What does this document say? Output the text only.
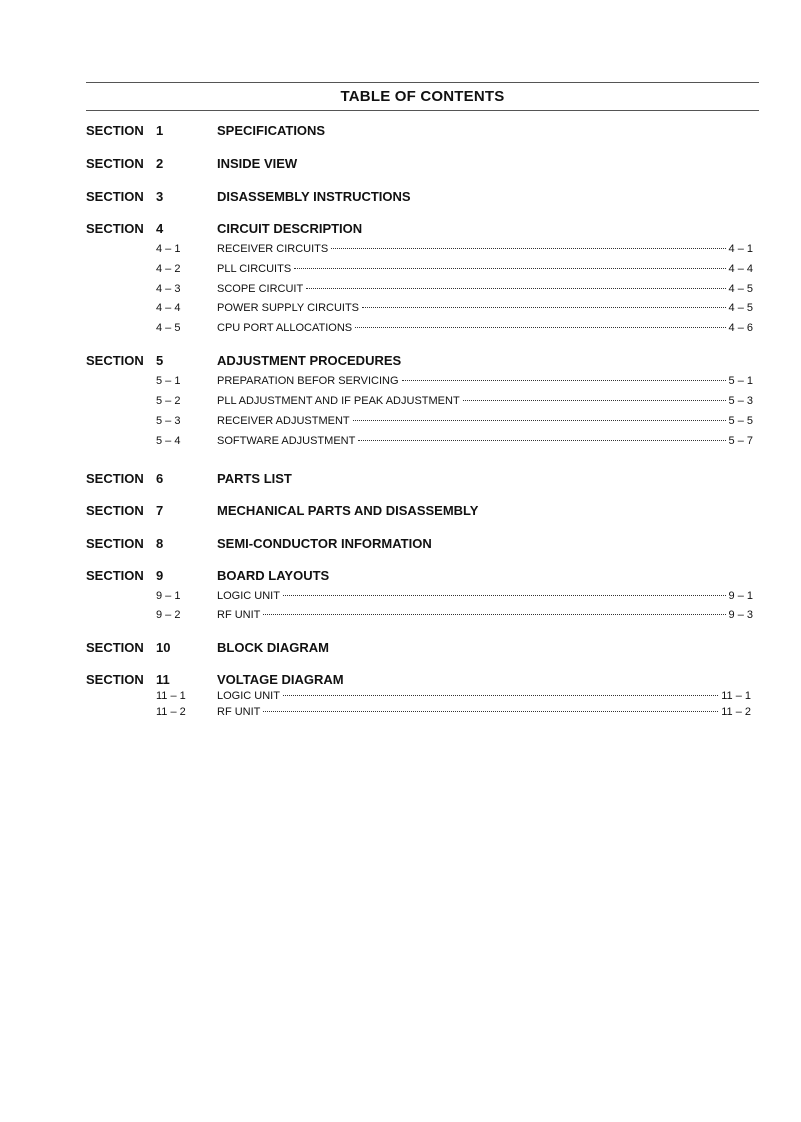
TABLE OF CONTENTS
SECTION 1	SPECIFICATIONS
SECTION 2	INSIDE VIEW
SECTION 3	DISASSEMBLY INSTRUCTIONS
SECTION 4	CIRCUIT DESCRIPTION
4 – 1	RECEIVER CIRCUITS	4 – 1
4 – 2	PLL CIRCUITS	4 – 4
4 – 3	SCOPE CIRCUIT	4 – 5
4 – 4	POWER SUPPLY CIRCUITS	4 – 5
4 – 5	CPU PORT ALLOCATIONS	4 – 6
SECTION 5	ADJUSTMENT PROCEDURES
5 – 1	PREPARATION BEFOR SERVICING	5 – 1
5 – 2	PLL ADJUSTMENT AND IF PEAK ADJUSTMENT	5 – 3
5 – 3	RECEIVER ADJUSTMENT	5 – 5
5 – 4	SOFTWARE ADJUSTMENT	5 – 7
SECTION 6	PARTS LIST
SECTION 7	MECHANICAL PARTS AND DISASSEMBLY
SECTION 8	SEMI-CONDUCTOR INFORMATION
SECTION 9	BOARD LAYOUTS
9 – 1	LOGIC UNIT	9 – 1
9 – 2	RF UNIT	9 – 3
SECTION 10	BLOCK DIAGRAM
SECTION 11	VOLTAGE DIAGRAM
11 – 1	LOGIC UNIT	11 – 1
11 – 2	RF UNIT	11 – 2
